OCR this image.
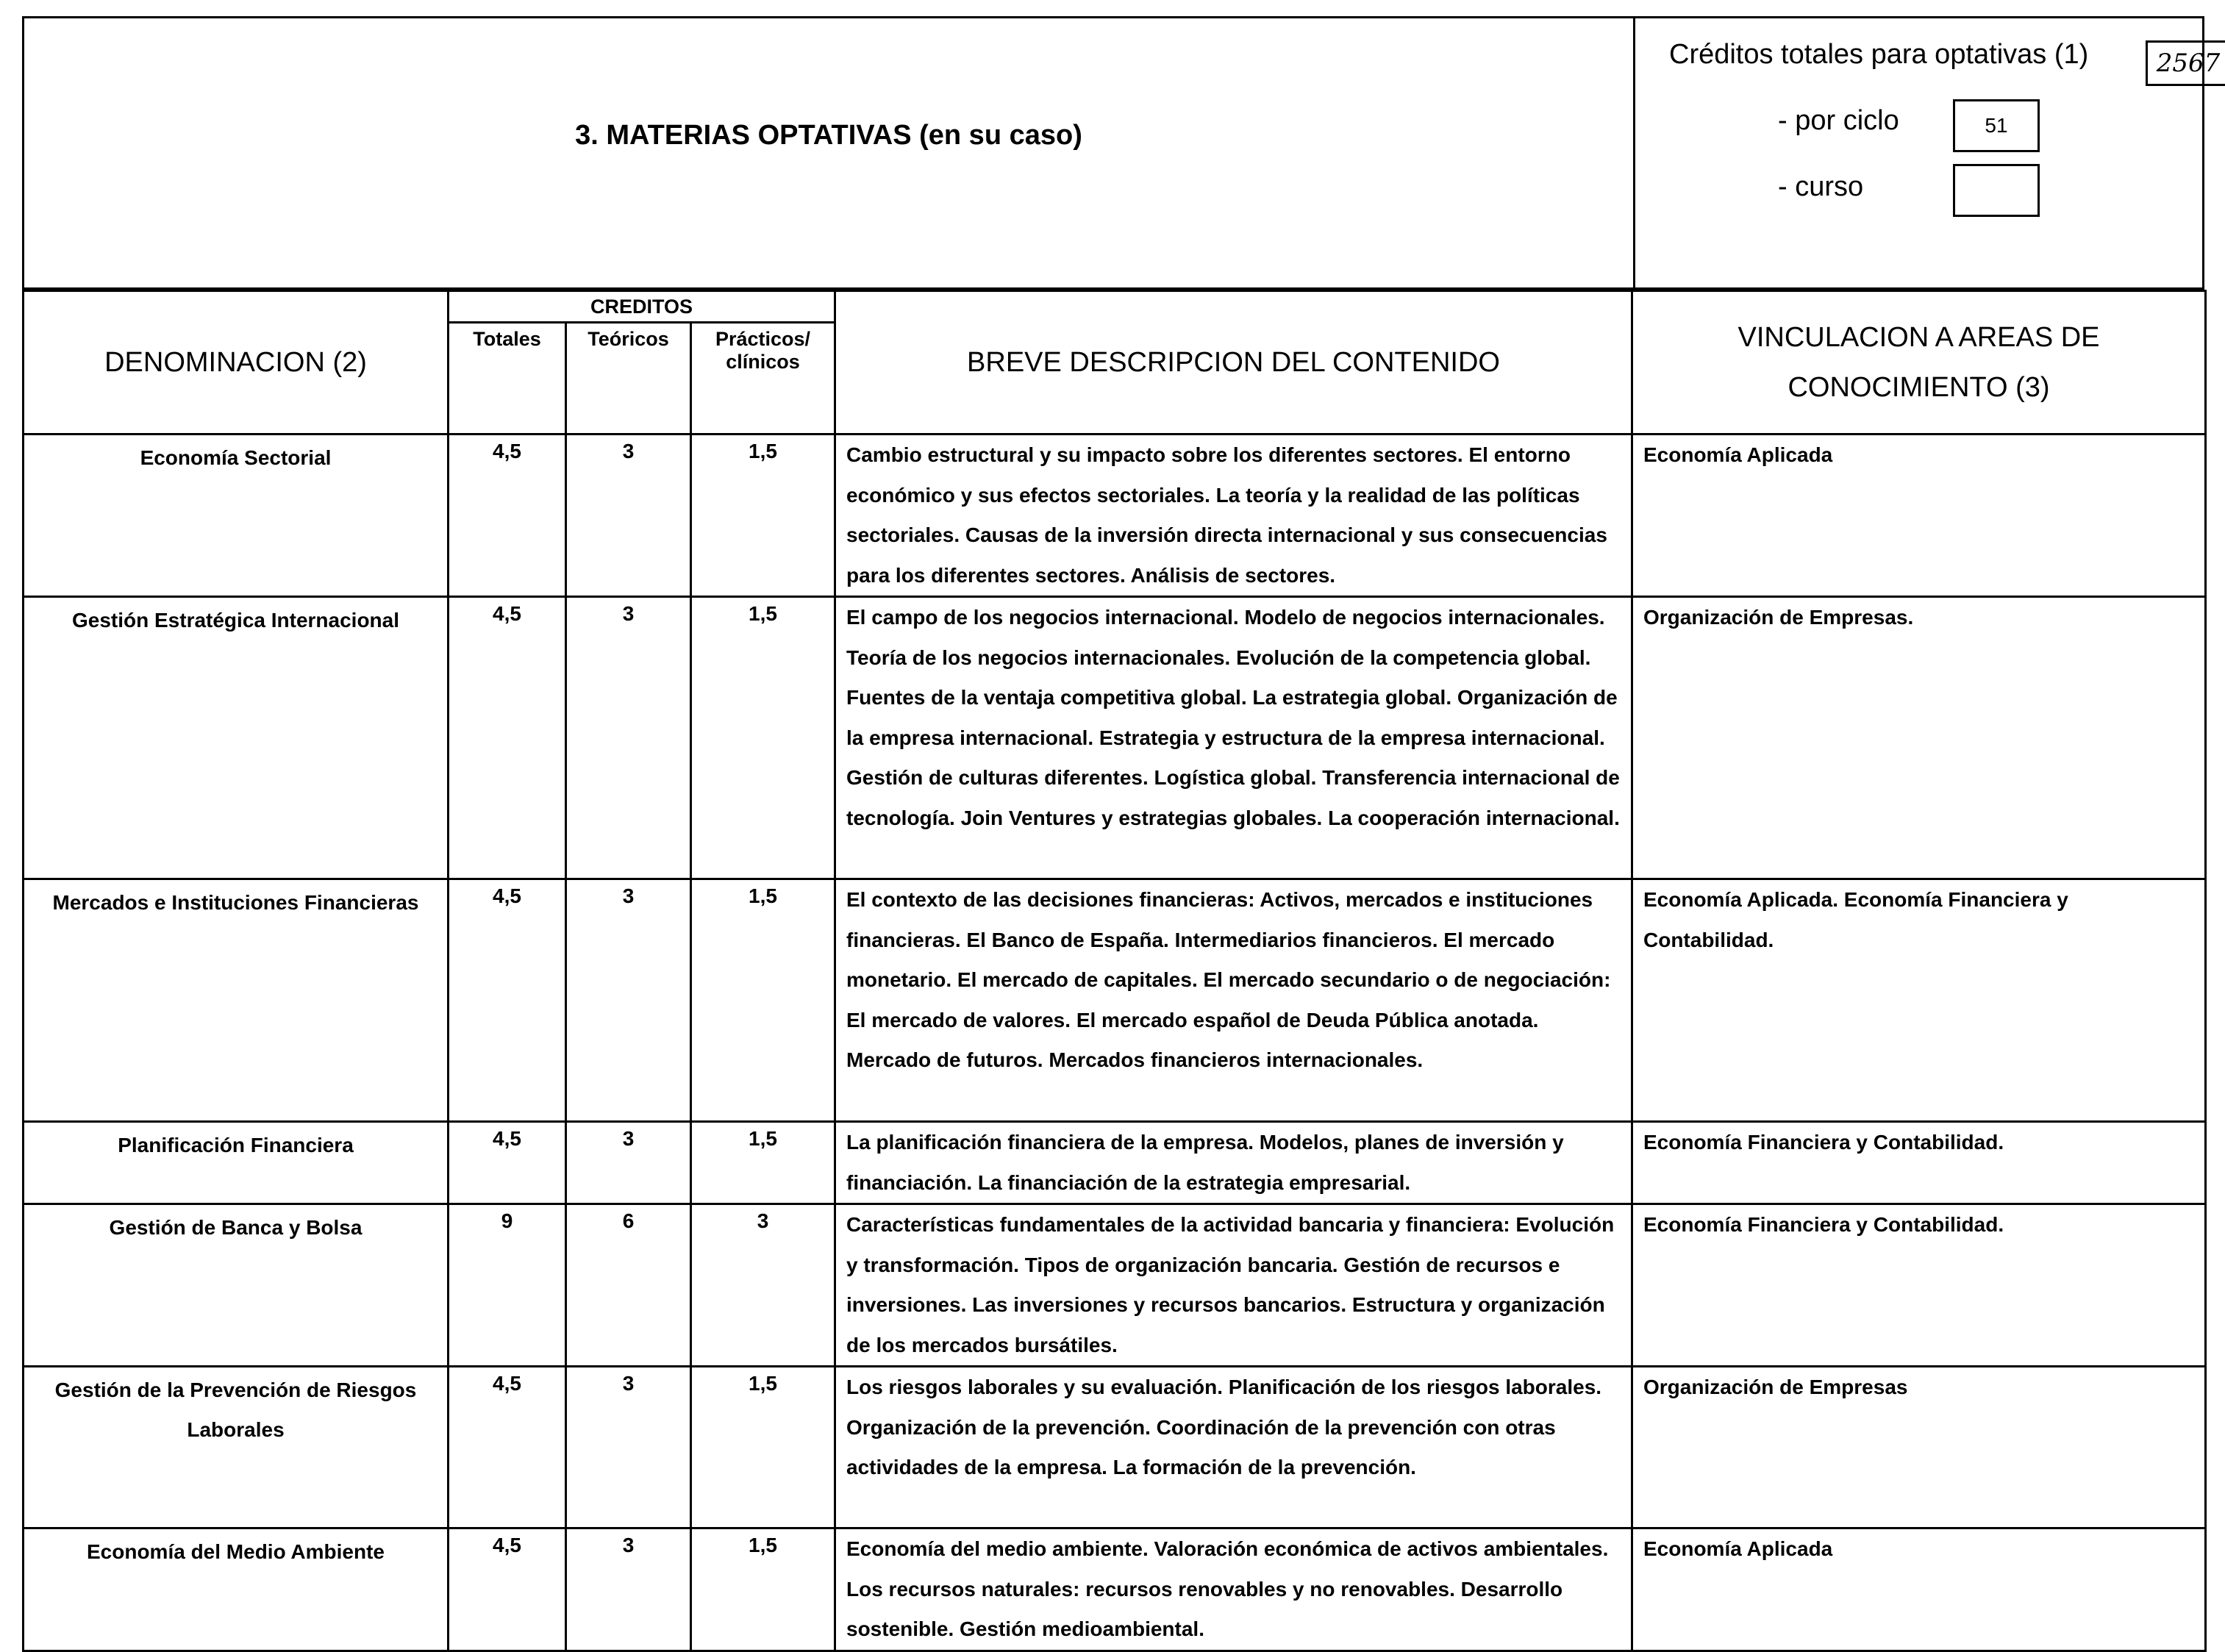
3. MATERIAS OPTATIVAS (en su caso)
Créditos totales para optativas (1)	2567
- por ciclo	51
- curso
DENOMINACION (2)	CREDITOS			BREVE DESCRIPCION DEL CONTENIDO	VINCULACION A AREAS DE CONOCIMIENTO (3)
	Totales	Teóricos	Prácticos/ clínicos		
Economía Sectorial	4,5	3	1,5	Cambio estructural y su impacto sobre los diferentes sectores. El entorno económico y sus efectos sectoriales. La teoría y la realidad de las políticas sectoriales. Causas de la inversión directa internacional y sus consecuencias para los diferentes sectores. Análisis de sectores.	Economía Aplicada
Gestión Estratégica Internacional	4,5	3	1,5	El campo de los negocios internacional. Modelo de negocios internacionales. Teoría de los negocios internacionales. Evolución de la competencia global. Fuentes de la ventaja competitiva global. La estrategia global. Organización de la empresa internacional. Estrategia y estructura de la empresa internacional. Gestión de culturas diferentes. Logística global. Transferencia internacional de tecnología. Join Ventures y estrategias globales. La cooperación internacional.	Organización de Empresas.
Mercados e Instituciones Financieras	4,5	3	1,5	El contexto de las decisiones financieras: Activos, mercados e instituciones financieras. El Banco de España. Intermediarios financieros. El mercado monetario. El mercado de capitales. El mercado secundario o de negociación: El mercado de valores. El mercado español de Deuda Pública anotada. Mercado de futuros. Mercados financieros internacionales.	Economía Aplicada. Economía Financiera y Contabilidad.
Planificación Financiera	4,5	3	1,5	La planificación financiera de la empresa. Modelos, planes de inversión y financiación. La financiación de la estrategia empresarial.	Economía Financiera y Contabilidad.
Gestión de Banca y Bolsa	9	6	3	Características fundamentales de la actividad bancaria y financiera: Evolución y transformación. Tipos de organización bancaria. Gestión de recursos e inversiones. Las inversiones y recursos bancarios. Estructura y organización de los mercados bursátiles.	Economía Financiera y Contabilidad.
Gestión de la Prevención de Riesgos Laborales	4,5	3	1,5	Los riesgos laborales y su evaluación. Planificación de los riesgos laborales. Organización de la prevención. Coordinación de la prevención con otras actividades de la empresa. La formación de la prevención.	Organización de Empresas
Economía del Medio Ambiente	4,5	3	1,5	Economía del medio ambiente. Valoración económica de activos ambientales. Los recursos naturales: recursos renovables y no renovables. Desarrollo sostenible. Gestión medioambiental.	Economía Aplicada
